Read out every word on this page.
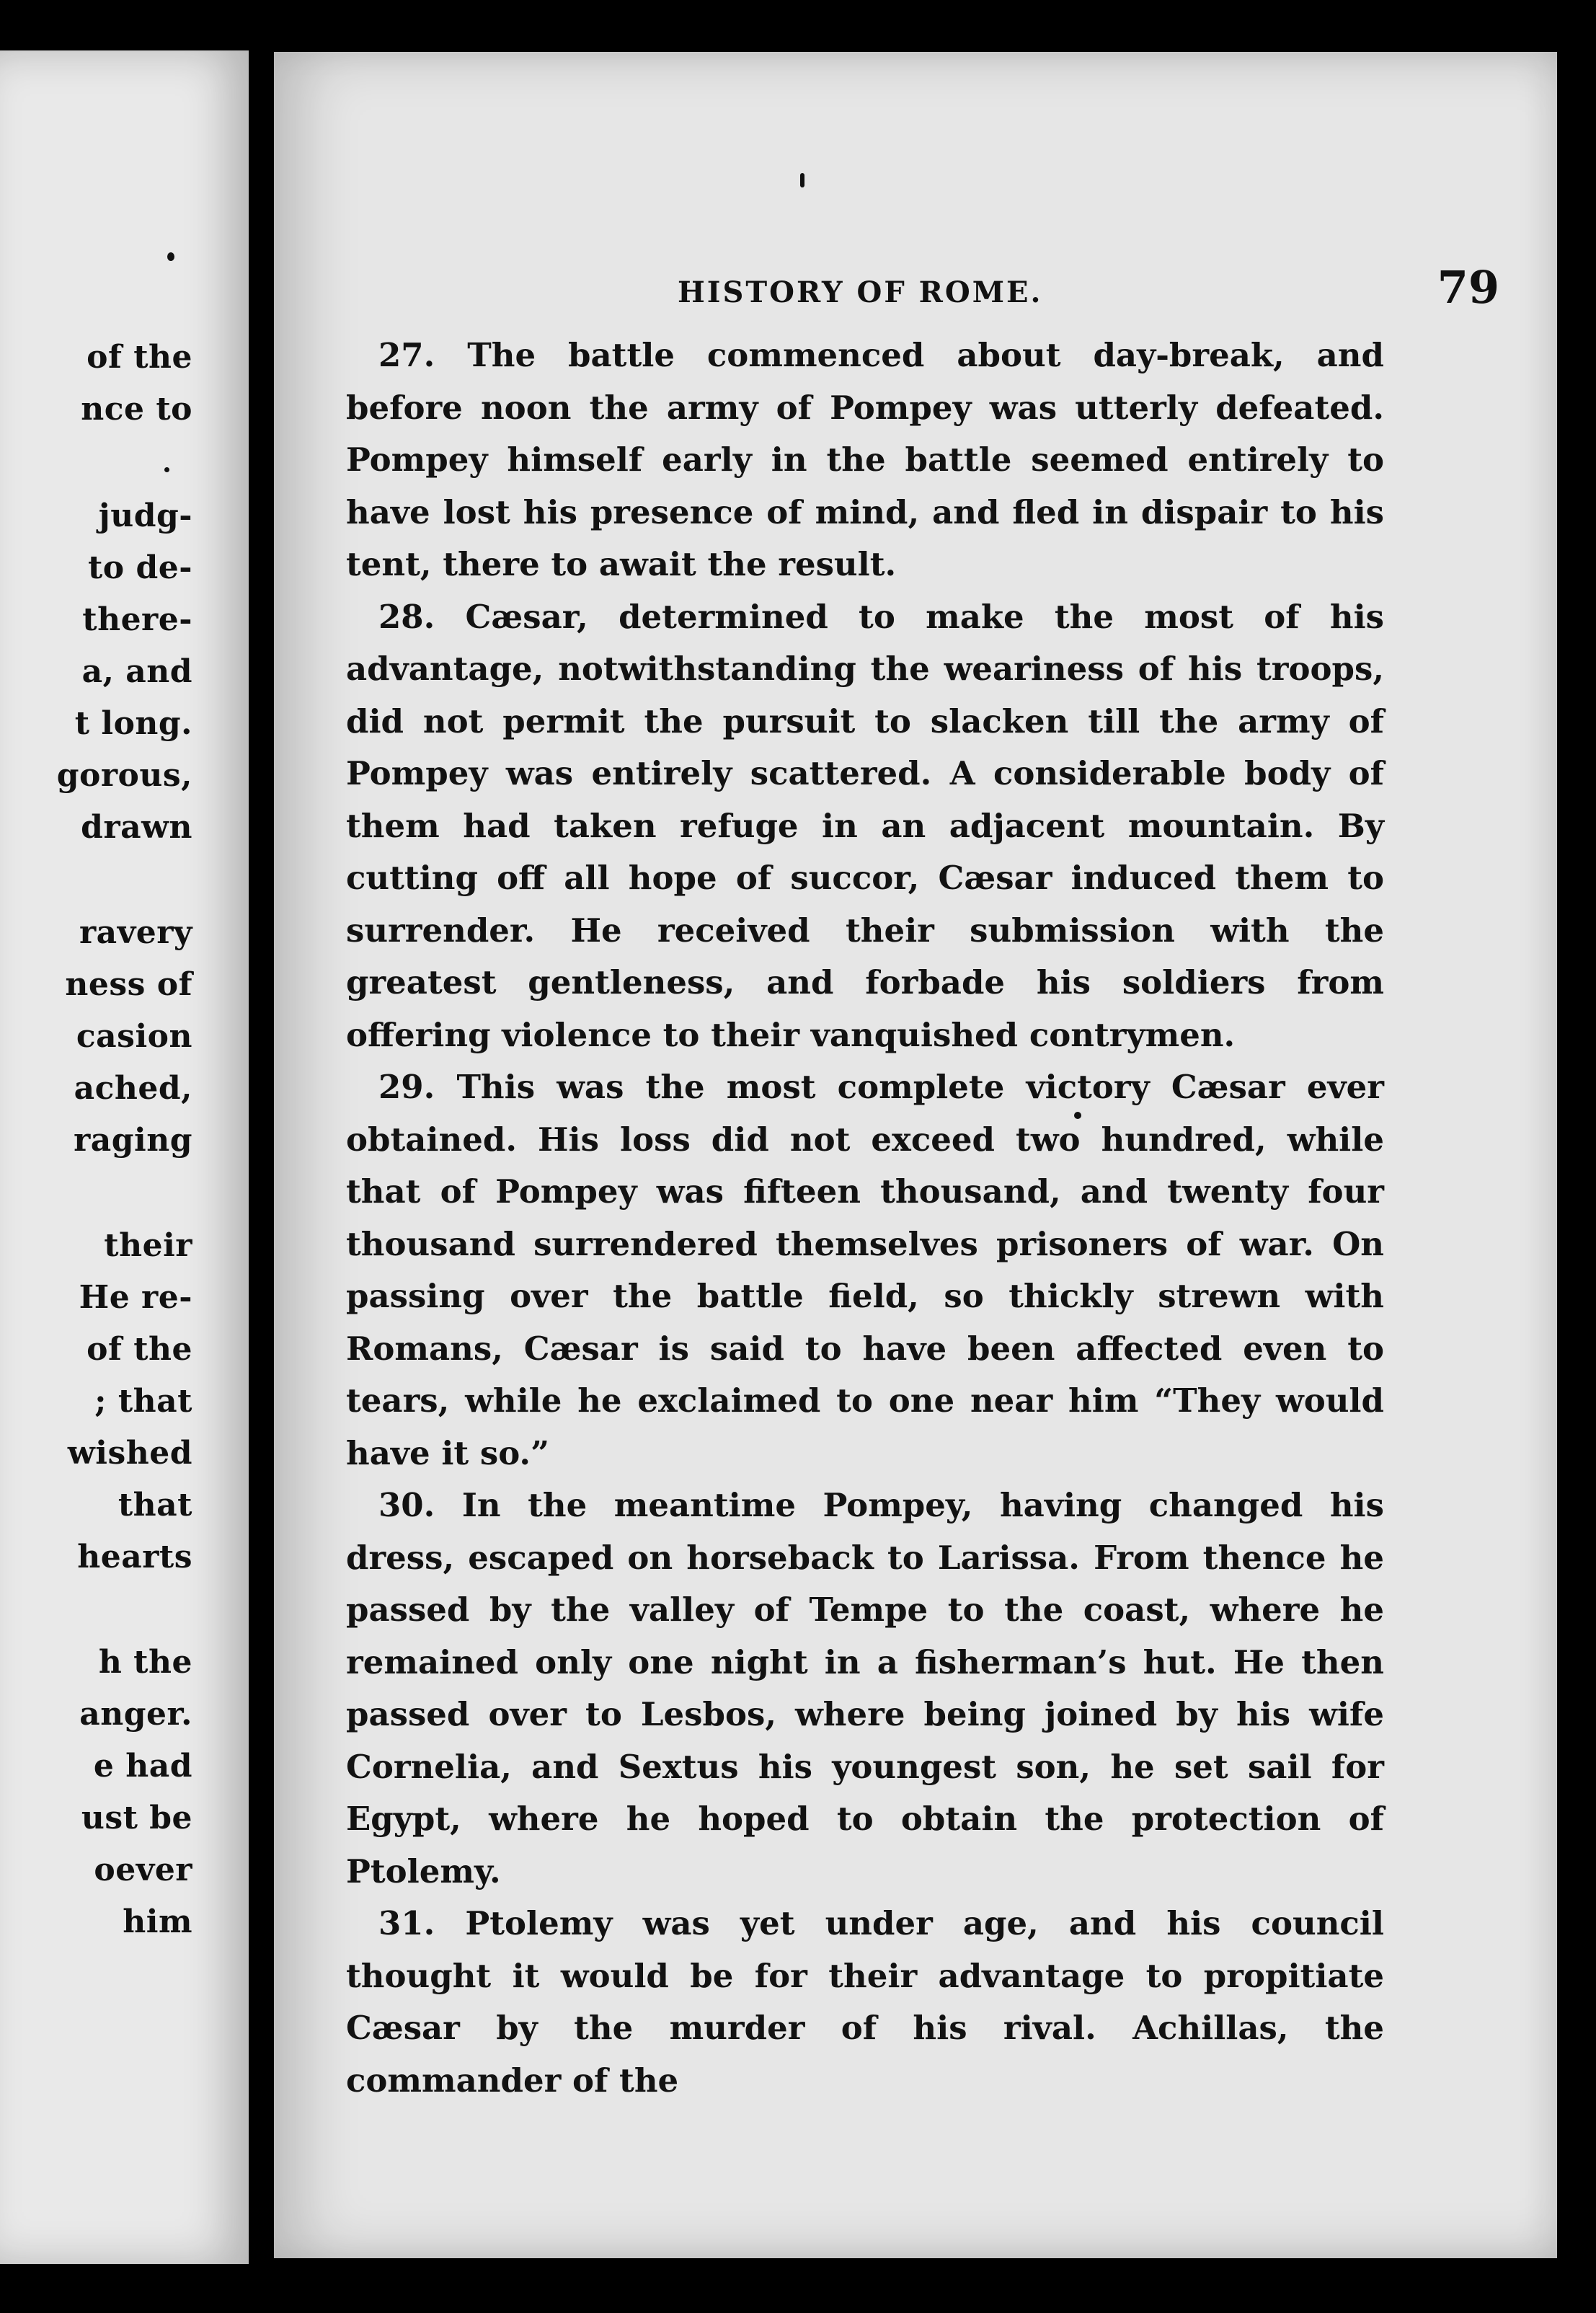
of the
nce to
judg-
to de-
there-
a, and
t long.
gorous,
drawn
ravery
ness of
casion
ached,
raging
their
He re-
of the
; that
wished
that
hearts
h the
anger.
e had
ust be
oever
him
HISTORY OF ROME.	79

27. The battle commenced about day-break, and before noon the army of Pompey was utterly defeated. Pompey himself early in the battle seemed entirely to have lost his presence of mind, and fled in dispair to his tent, there to await the result.

28. Cæsar, determined to make the most of his advantage, notwithstanding the weariness of his troops, did not permit the pursuit to slacken till the army of Pompey was entirely scattered. A considerable body of them had taken refuge in an adjacent mountain. By cutting off all hope of succor, Cæsar induced them to surrender. He received their submission with the greatest gentleness, and forbade his soldiers from offering violence to their vanquished contrymen.

29. This was the most complete victory Cæsar ever obtained. His loss did not exceed two hundred, while that of Pompey was fifteen thousand, and twenty four thousand surrendered themselves prisoners of war. On passing over the battle field, so thickly strewn with Romans, Cæsar is said to have been affected even to tears, while he exclaimed to one near him “They would have it so.”

30. In the meantime Pompey, having changed his dress, escaped on horseback to Larissa. From thence he passed by the valley of Tempe to the coast, where he remained only one night in a fisherman’s hut. He then passed over to Lesbos, where being joined by his wife Cornelia, and Sextus his youngest son, he set sail for Egypt, where he hoped to obtain the protection of Ptolemy.

31. Ptolemy was yet under age, and his council thought it would be for their advantage to propitiate Cæsar by the murder of his rival. Achillas, the commander of the
